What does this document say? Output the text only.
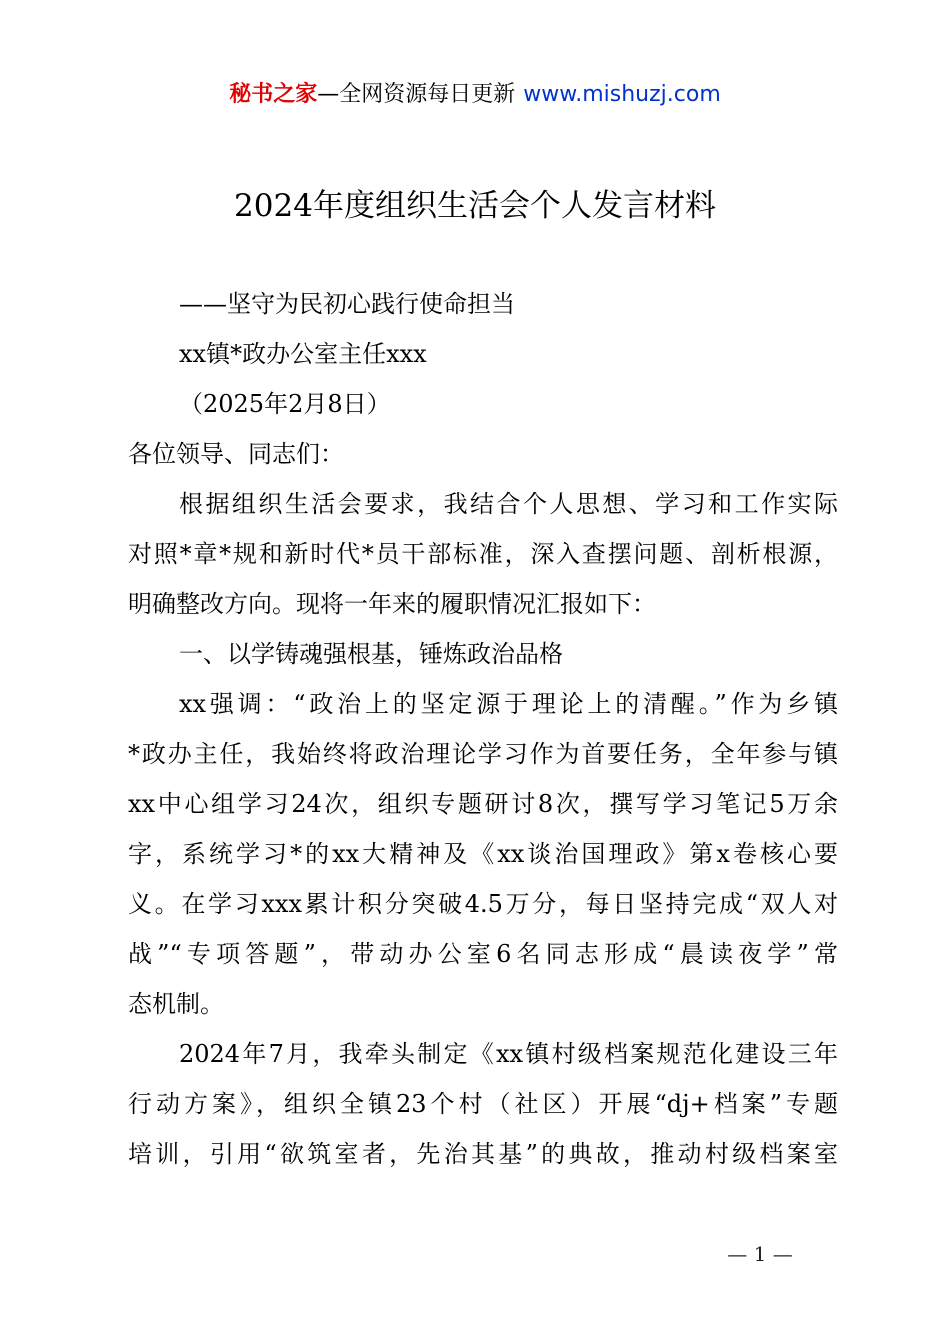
秘书之家—全网资源每日更新 www.mishuzj.com
2024年度组织生活会个人发言材料
——坚守为民初心践行使命担当
xx镇*政办公室主任xxx
（2025年2月8日）
各位领导、同志们：
根据组织生活会要求，我结合个人思想、学习和工作实际
对照*章*规和新时代*员干部标准，深入查摆问题、剖析根源，
明确整改方向。现将一年来的履职情况汇报如下：
一、以学铸魂强根基，锤炼政治品格
xx强调：“政治上的坚定源于理论上的清醒。”作为乡镇
*政办主任，我始终将政治理论学习作为首要任务，全年参与镇
xx中心组学习24次，组织专题研讨8次，撰写学习笔记5万余
字，系统学习*的xx大精神及《xx谈治国理政》第x卷核心要
义。在学习xxx累计积分突破4.5万分，每日坚持完成“双人对
战”“专项答题”，带动办公室6名同志形成“晨读夜学”常
态机制。
2024年7月，我牵头制定《xx镇村级档案规范化建设三年
行动方案》，组织全镇23个村（社区）开展“dj+档案”专题
培训，引用“欲筑室者，先治其基”的典故，推动村级档案室
— 1 —
